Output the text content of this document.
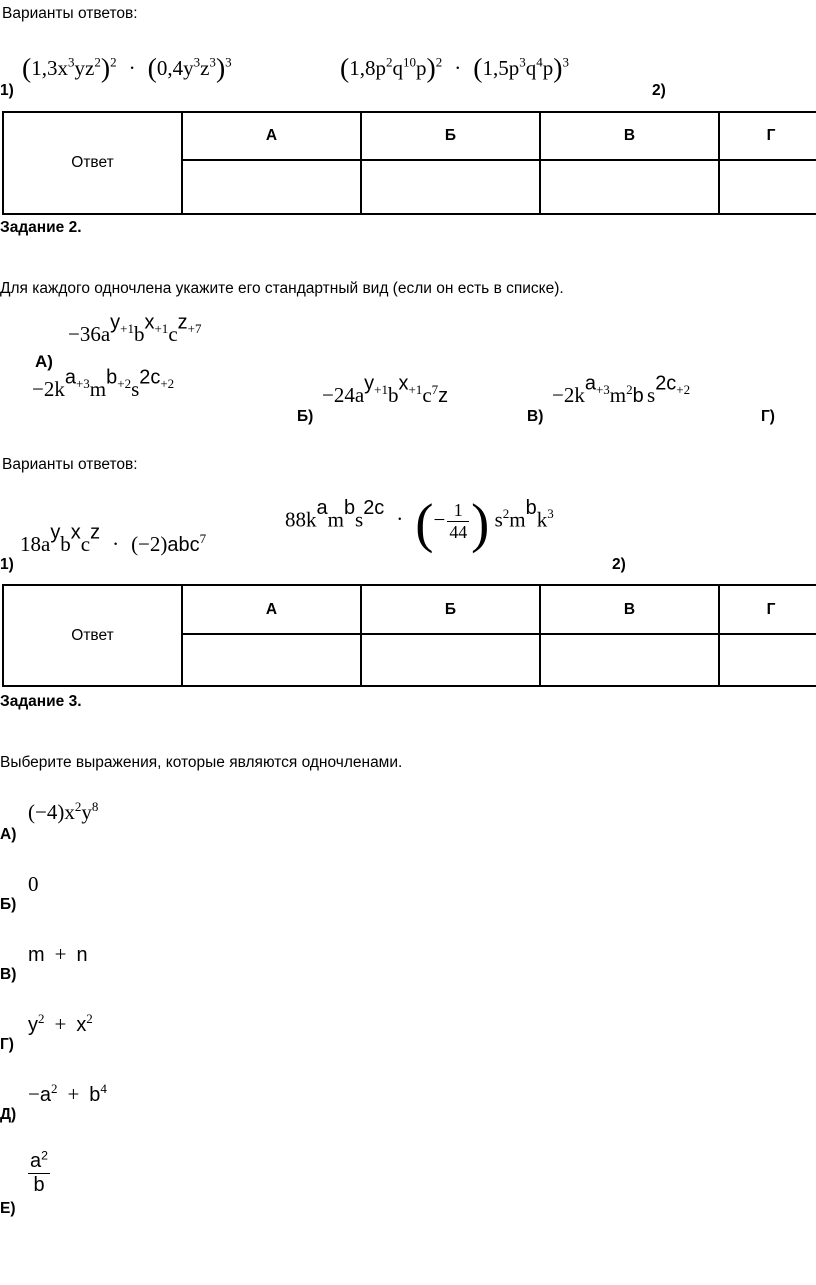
Варианты ответов:
$(1,3x^3yz^2)^2 \cdot (0,4y^3z^3)^3$	$(1,8p^2q^{10}p)^2 \cdot (1,5p^3q^4p)^3$
1)	2)
Ответ	А	Б	В	Г

Задание 2.
Для каждого одночлена укажите его стандартный вид (если он есть в списке).
$-36a^{y+1}b^{x+1}c^{z+7}$
А)
$-2k^{a+3}m^{b+2}s^{2c+2}$	$-24a^{y+1}b^{x+1}c^7z$	$-2k^{a+3}m^2b$ $s^{2c+2}$
Б)	В)	Г)
Варианты ответов:
$18a^yb^xc^z \cdot (-2)abc^7$
$88k^am^bs^{2c}$ · (− $\frac{1}{44}$ ) $s^2m^bk^3$
1)	2)
Ответ	А	Б	В	Г

Задание 3.
Выберите выражения, которые являются одночленами.
$(-4)x^2y^8$
А)
0
Б)
m + n
В)
$y^2 + x^2$
Г)
$-a^2 + b^4$
Д)
$\frac{a^2}{b}$
Е)
